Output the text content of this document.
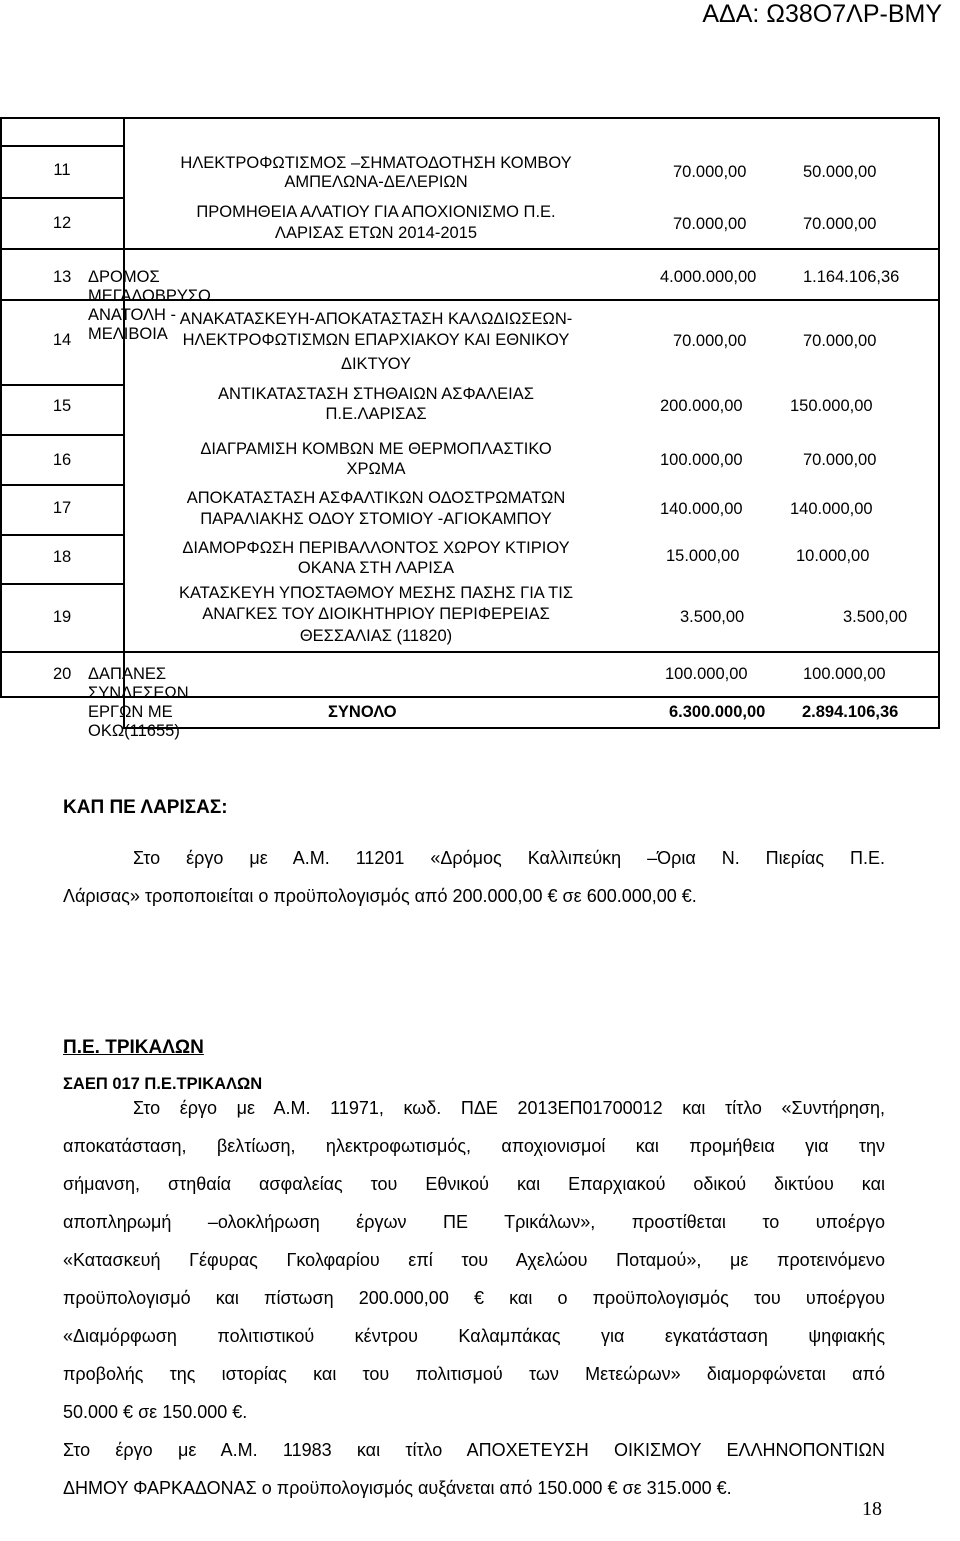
ΑΔΑ: Ω38Ο7ΛΡ-ΒΜΥ
11	ΗΛΕΚΤΡΟΦΩΤΙΣΜΟΣ –ΣΗΜΑΤΟΔΟΤΗΣΗ ΚΟΜΒΟΥ
ΑΜΠΕΛΩΝΑ-ΔΕΛΕΡΙΩΝ
70.000,00	50.000,00
12
ΠΡΟΜΗΘΕΙΑ ΑΛΑΤΙΟΥ ΓΙΑ ΑΠΟΧΙΟΝΙΣΜΟ Π.Ε.
ΛΑΡΙΣΑΣ ΕΤΩΝ 2014-2015	70.000,00	70.000,00
13 ΔΡΟΜΟΣ ΜΕΓΑΛΟΒΡΥΣΟ ΑΝΑΤΟΛΗ - ΜΕΛΙΒΟΙΑ
4.000.000,00	1.164.106,36
14
ΑΝΑΚΑΤΑΣΚΕΥΗ-ΑΠΟΚΑΤΑΣΤΑΣΗ ΚΑΛΩΔΙΩΣΕΩΝ-
ΗΛΕΚΤΡΟΦΩΤΙΣΜΩΝ ΕΠΑΡΧΙΑΚΟΥ ΚΑΙ ΕΘΝΙΚΟΥ
ΔΙΚΤΥΟΥ
70.000,00	70.000,00
15
ΑΝΤΙΚΑΤΑΣΤΑΣΗ ΣΤΗΘΑΙΩΝ ΑΣΦΑΛΕΙΑΣ
Π.Ε.ΛΑΡΙΣΑΣ	200.000,00	150.000,00
16
ΔΙΑΓΡΑΜΙΣΗ ΚΟΜΒΩΝ ΜΕ ΘΕΡΜΟΠΛΑΣΤΙΚΟ
ΧΡΩΜΑ	100.000,00	70.000,00
17
ΑΠΟΚΑΤΑΣΤΑΣΗ ΑΣΦΑΛΤΙΚΩΝ ΟΔΟΣΤΡΩΜΑΤΩΝ
ΠΑΡΑΛΙΑΚΗΣ ΟΔΟΥ ΣΤΟΜΙΟΥ -ΑΓΙΟΚΑΜΠΟΥ
140.000,00	140.000,00
18	ΔΙΑΜΟΡΦΩΣΗ ΠΕΡΙΒΑΛΛΟΝΤΟΣ ΧΩΡΟΥ ΚΤΙΡΙΟΥ
ΟΚΑΝΑ ΣΤΗ ΛΑΡΙΣΑ
15.000,00	10.000,00
19
ΚΑΤΑΣΚΕΥΗ ΥΠΟΣΤΑΘΜΟΥ ΜΕΣΗΣ ΠΑΣΗΣ ΓΙΑ ΤΙΣ
ΑΝΑΓΚΕΣ ΤΟΥ ΔΙΟΙΚΗΤΗΡΙΟΥ ΠΕΡΙΦΕΡΕΙΑΣ
ΘΕΣΣΑΛΙΑΣ (11820)
3.500,00	3.500,00
20 ΔΑΠΑΝΕΣ ΣΥΝΔΕΣΕΩΝ ΕΡΓΩΝ ΜΕ ΟΚΩ(11655)
100.000,00	100.000,00
ΣΥΝΟΛΟ	6.300.000,00 2.894.106,36
ΚΑΠ ΠΕ ΛΑΡΙΣΑΣ:
Στο έργο με Α.Μ. 11201 «Δρόμος Καλλιπεύκη –Όρια Ν. Πιερίας Π.Ε.
Λάρισας» τροποποιείται ο προϋπολογισμός από 200.000,00 € σε 600.000,00 €.
Π.Ε. ΤΡΙΚΑΛΩΝ
ΣΑΕΠ 017 Π.Ε.ΤΡΙΚΑΛΩΝ
Στο έργο με Α.Μ. 11971, κωδ. ΠΔΕ 2013ΕΠ01700012 και τίτλο «Συντήρηση,
αποκατάσταση, βελτίωση, ηλεκτροφωτισμός, αποχιονισμοί και προμήθεια για την
σήμανση, στηθαία ασφαλείας του Εθνικού και Επαρχιακού οδικού δικτύου και
αποπληρωμή –ολοκλήρωση έργων ΠΕ Τρικάλων», προστίθεται το υποέργο
«Κατασκευή Γέφυρας Γκολφαρίου επί του Αχελώου Ποταμού», με προτεινόμενο
προϋπολογισμό και πίστωση 200.000,00 € και ο προϋπολογισμός του υποέργου
«Διαμόρφωση πολιτιστικού κέντρου Καλαμπάκας για εγκατάσταση ψηφιακής
προβολής της ιστορίας και του πολιτισμού των Μετεώρων» διαμορφώνεται από
50.000 € σε 150.000 €.
Στο έργο με Α.Μ. 11983 και τίτλο ΑΠΟΧΕΤΕΥΣΗ ΟΙΚΙΣΜΟΥ ΕΛΛΗΝΟΠΟΝΤΙΩΝ
ΔΗΜΟΥ ΦΑΡΚΑΔΟΝΑΣ ο προϋπολογισμός αυξάνεται από 150.000 € σε 315.000 €.
18
